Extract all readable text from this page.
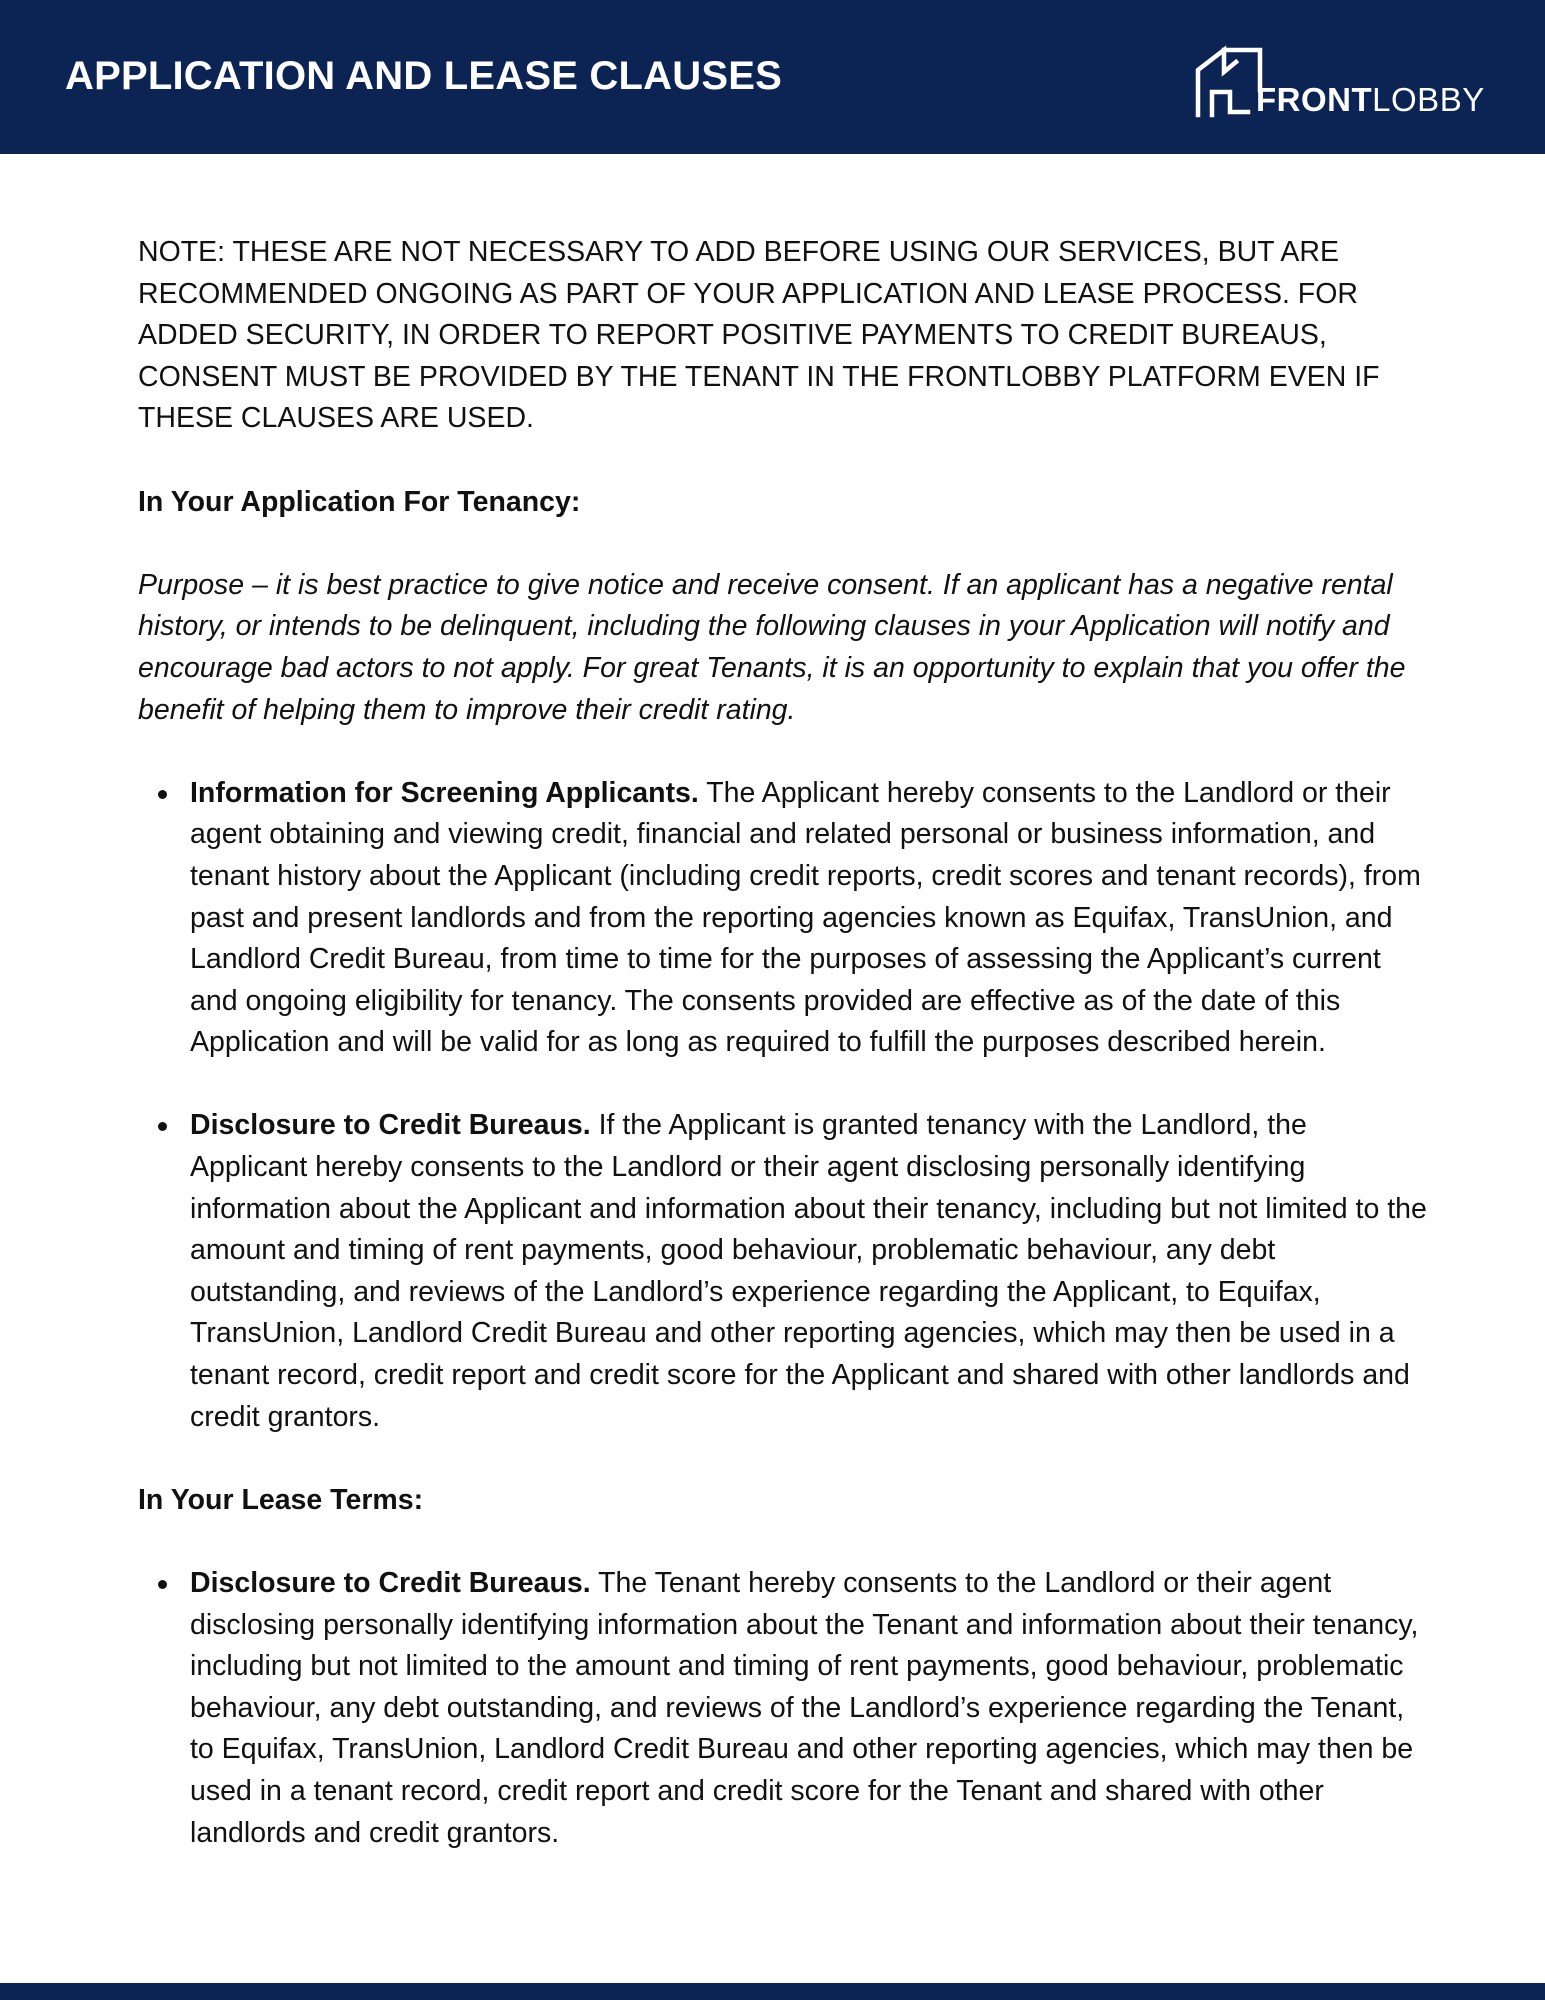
APPLICATION AND LEASE CLAUSES
FRONTLOBBY

NOTE: THESE ARE NOT NECESSARY TO ADD BEFORE USING OUR SERVICES, BUT ARE RECOMMENDED ONGOING AS PART OF YOUR APPLICATION AND LEASE PROCESS. FOR ADDED SECURITY, IN ORDER TO REPORT POSITIVE PAYMENTS TO CREDIT BUREAUS, CONSENT MUST BE PROVIDED BY THE TENANT IN THE FRONTLOBBY PLATFORM EVEN IF THESE CLAUSES ARE USED.

In Your Application For Tenancy:

Purpose – it is best practice to give notice and receive consent. If an applicant has a negative rental history, or intends to be delinquent, including the following clauses in your Application will notify and encourage bad actors to not apply. For great Tenants, it is an opportunity to explain that you offer the benefit of helping them to improve their credit rating.

Information for Screening Applicants. The Applicant hereby consents to the Landlord or their agent obtaining and viewing credit, financial and related personal or business information, and tenant history about the Applicant (including credit reports, credit scores and tenant records), from past and present landlords and from the reporting agencies known as Equifax, TransUnion, and Landlord Credit Bureau, from time to time for the purposes of assessing the Applicant’s current and ongoing eligibility for tenancy. The consents provided are effective as of the date of this Application and will be valid for as long as required to fulfill the purposes described herein.
Disclosure to Credit Bureaus. If the Applicant is granted tenancy with the Landlord, the Applicant hereby consents to the Landlord or their agent disclosing personally identifying information about the Applicant and information about their tenancy, including but not limited to the amount and timing of rent payments, good behaviour, problematic behaviour, any debt outstanding, and reviews of the Landlord’s experience regarding the Applicant, to Equifax, TransUnion, Landlord Credit Bureau and other reporting agencies, which may then be used in a tenant record, credit report and credit score for the Applicant and shared with other landlords and credit grantors.

In Your Lease Terms:

Disclosure to Credit Bureaus. The Tenant hereby consents to the Landlord or their agent disclosing personally identifying information about the Tenant and information about their tenancy, including but not limited to the amount and timing of rent payments, good behaviour, problematic behaviour, any debt outstanding, and reviews of the Landlord’s experience regarding the Tenant, to Equifax, TransUnion, Landlord Credit Bureau and other reporting agencies, which may then be used in a tenant record, credit report and credit score for the Tenant and shared with other landlords and credit grantors.
